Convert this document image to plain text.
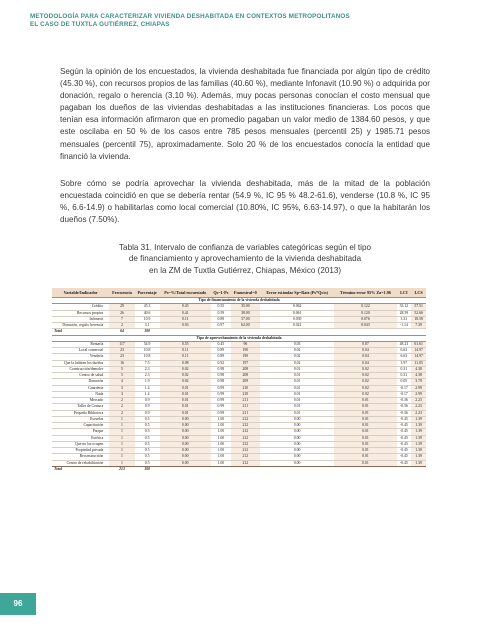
METODOLOGÍA PARA CARACTERIZAR VIVIENDA DESHABITADA EN CONTEXTOS METROPOLITANOS
EL CASO DE TUXTLA GUTIÉRREZ, CHIAPAS
Según la opinión de los encuestados, la vivienda deshabitada fue financiada por algún tipo de crédito (45.30 %), con recursos propios de las familias (40.60 %), mediante Infonavit (10.90 %) o adquirida por donación, regalo o herencia (3.10 %). Además, muy pocas personas conocían el costo mensual que pagaban los dueños de las viviendas deshabitadas a las instituciones financieras. Los pocos que tenían esa información afirmaron que en promedio pagaban un valor medio de 1384.60 pesos, y que este oscilaba en 50 % de los casos entre 785 pesos mensuales (percentil 25) y 1985.71 pesos mensuales (percentil 75), aproximadamente. Solo 20 % de los encuestados conocía la entidad que financió la vivienda.
Sobre cómo se podría aprovechar la vivienda deshabitada, más de la mitad de la población encuestada coincidió en que se debería rentar (54.9 %, IC 95 % 48.2-61.6), venderse (10.8 %, IC 95 %, 6.6-14.9) o habilitarlas como local comercial (10.80%, IC 95%, 6.63-14.97), o que la habitarán los dueños (7.50%).
Tabla 31. Intervalo de confianza de variables categóricas según el tipo
de financiamiento y aprovechamiento de la vivienda deshabitada
en la ZM de Tuxtla Gutiérrez, Chiapas, México (2013)
Variable/Indicador	Frecuencia	Porcentaje	Ps=%/Total encuestado	Qs=1-Ps	Fmuestral=0	Error estándar Sp=Raíz (Ps*Qs/n)	Término error 95% Za=1.96	LCI	LCS
Tipo de financiamiento de la vivienda deshabitada									
Crédito	29	45.3	0.45	0.55	35.00	0.062	0.122	33.12	57.51
Recursos propios	26	40.6	0.41	0.59	38.00	0.061	0.120	28.59	52.66
Infonavit	7	10.9	0.11	0.89	57.00	0.039	0.076	3.31	18.58
Donación, regalo, herencia	2	3.1	0.03	0.97	62.00	0.022	0.043	-1.14	7.39
Total	64	100							
Tipo de aprovechamiento de la vivienda deshabitada									
Rentarla	117	54.9	0.55	0.45	96	0.03	0.07	48.23	61.61
Local comercial	23	10.8	0.11	0.89	190	0.02	0.04	6.63	14.97
Venderla	23	10.8	0.11	0.89	190	0.02	0.04	6.63	14.97
Que la habiten los dueños	16	7.5	0.08	0.92	197	0.02	0.04	3.97	11.05
Construcción/demoler	5	2.3	0.02	0.98	208	0.01	0.02	0.31	4.38
Centro de salud	5	2.3	0.02	0.98	208	0.01	0.02	0.31	4.38
Donación	4	1.9	0.02	0.98	209	0.01	0.02	0.05	3.70
Guardería	3	1.4	0.01	0.99	210	0.01	0.02	-0.17	2.99
Nada	3	1.4	0.01	0.99	210	0.01	0.02	-0.17	2.99
Mercado	2	0.9	0.01	0.99	211	0.01	0.01	-0.36	2.23
Taller de Costura	2	0.9	0.01	0.99	211	0.01	0.01	-0.36	2.23
Pequeña Biblioteca	2	0.9	0.01	0.99	211	0.01	0.01	-0.36	2.23
Escuelas	1	0.5	0.00	1.00	212	0.00	0.01	-0.45	1.39
Capacitación	1	0.5	0.00	1.00	212	0.00	0.01	-0.45	1.39
Parque	1	0.5	0.00	1.00	212	0.00	0.01	-0.45	1.39
Estética	1	0.5	0.00	1.00	212	0.00	0.01	-0.45	1.39
Que no las ocupen	1	0.5	0.00	1.00	212	0.00	0.01	-0.45	1.39
Propiedad privada	1	0.5	0.00	1.00	212	0.00	0.01	-0.45	1.39
Reconstrucción	1	0.5	0.00	1.00	212	0.00	0.01	-0.45	1.39
Centro de rehabilitación	1	0.5	0.00	1.00	212	0.00	0.01	-0.45	1.39
Total	213	100							
96
